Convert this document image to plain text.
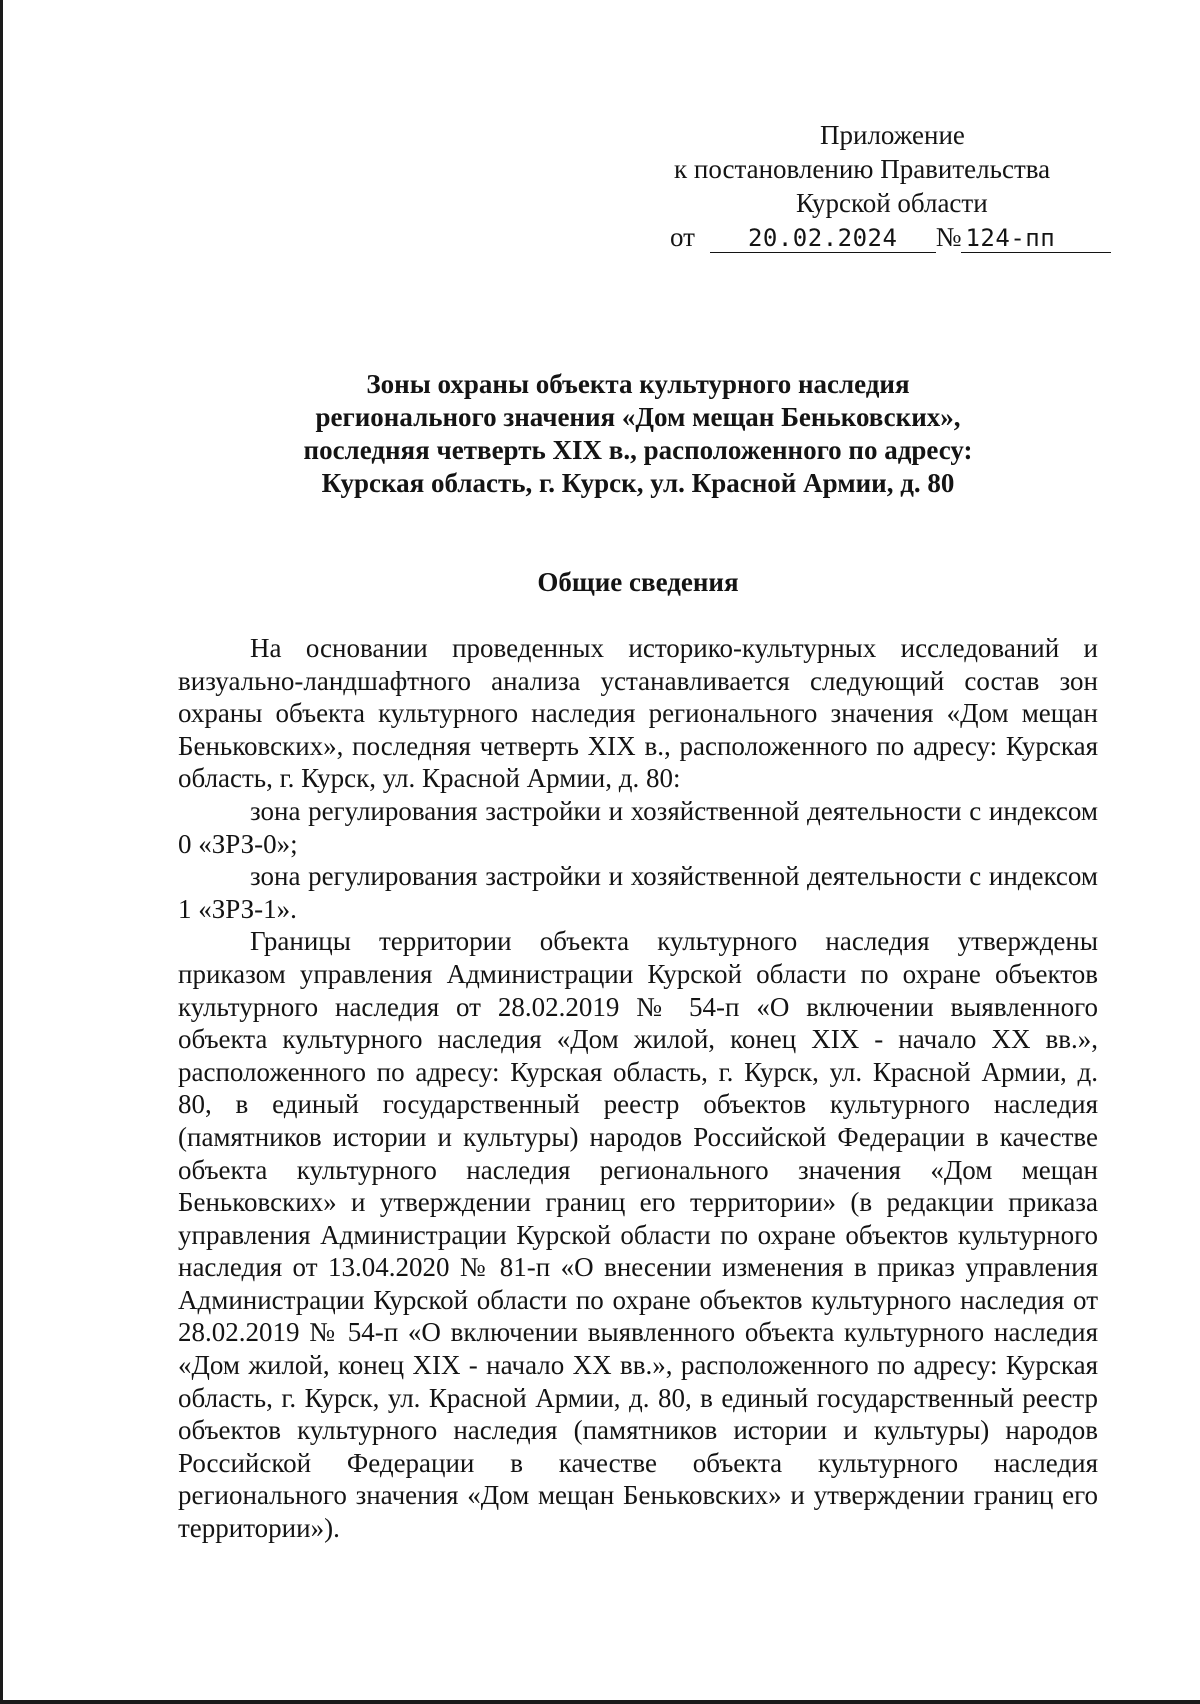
Приложение
к постановлению Правительства
Курской области
от 20.02.2024 № 124-пп
Зоны охраны объекта культурного наследия
регионального значения «Дом мещан Беньковских»,
последняя четверть XIX в., расположенного по адресу:
Курская область, г. Курск, ул. Красной Армии, д. 80
Общие сведения

На основании проведенных историко-культурных исследований и визуально-ландшафтного анализа устанавливается следующий состав зон охраны объекта культурного наследия регионального значения «Дом мещан Беньковских», последняя четверть XIX в., расположенного по адресу: Курская область, г. Курск, ул. Красной Армии, д. 80:

зона регулирования застройки и хозяйственной деятельности с индексом 0 «ЗРЗ-0»;

зона регулирования застройки и хозяйственной деятельности с индексом 1 «ЗРЗ-1».

Границы территории объекта культурного наследия утверждены приказом управления Администрации Курской области по охране объектов культурного наследия от 28.02.2019 № 54-п «О включении выявленного объекта культурного наследия «Дом жилой, конец XIX - начало XX вв.», расположенного по адресу: Курская область, г. Курск, ул. Красной Армии, д. 80, в единый государственный реестр объектов культурного наследия (памятников истории и культуры) народов Российской Федерации в качестве объекта культурного наследия регионального значения «Дом мещан Беньковских» и утверждении границ его территории» (в редакции приказа управления Администрации Курской области по охране объектов культурного наследия от 13.04.2020 № 81-п «О внесении изменения в приказ управления Администрации Курской области по охране объектов культурного наследия от 28.02.2019 № 54-п «О включении выявленного объекта культурного наследия «Дом жилой, конец XIX - начало XX вв.», расположенного по адресу: Курская область, г. Курск, ул. Красной Армии, д. 80, в единый государственный реестр объектов культурного наследия (памятников истории и культуры) народов Российской Федерации в качестве объекта культурного наследия регионального значения «Дом мещан Беньковских» и утверждении границ его территории»).
